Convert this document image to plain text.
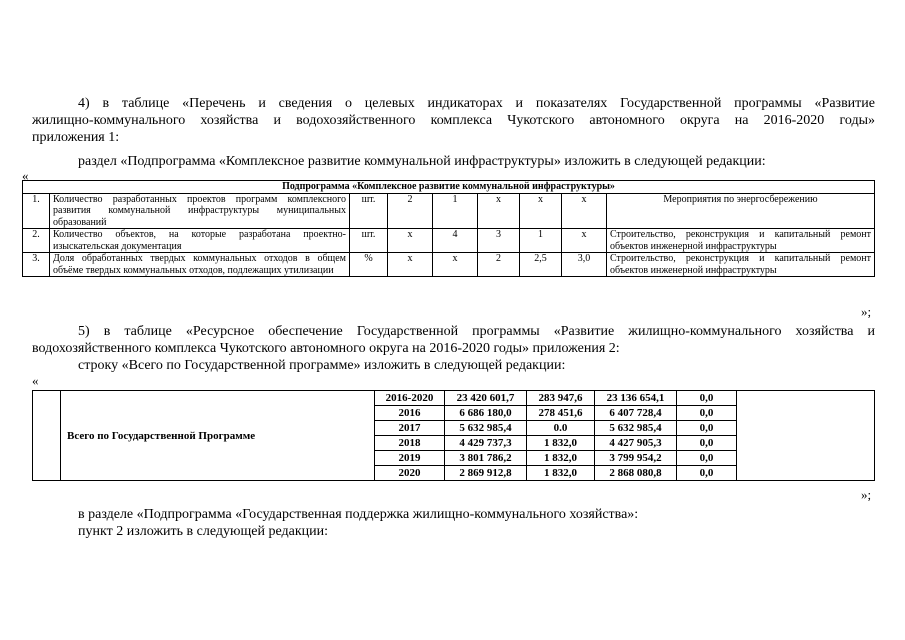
4) в таблице «Перечень и сведения о целевых индикаторах и показателях Государственной программы «Развитие
жилищно-коммунального хозяйства и водохозяйственного комплекса Чукотского автономного округа на 2016-2020 годы»
приложения 1:
раздел «Подпрограмма «Комплексное развитие коммунальной инфраструктуры» изложить в следующей редакции:
«
Подпрограмма «Комплексное развитие коммунальной инфраструктуры»								
1.	Количество разработанных проектов программ комплексного развития коммунальной инфраструктуры муниципальных образований	шт.	2	1	x	x	x	Мероприятия по энергосбережению
2.	Количество объектов, на которые разработана проектно-изыскательская документация	шт.	x	4	3	1	x	Строительство, реконструкция и капитальный ремонт объектов инженерной инфраструктуры
3.	Доля обработанных твердых коммунальных отходов в общем объёме твердых коммунальных отходов, подлежащих утилизации	%	x	x	2	2,5	3,0	Строительство, реконструкция и капитальный ремонт объектов инженерной инфраструктуры
»;
5) в таблице «Ресурсное обеспечение Государственной программы «Развитие жилищно-коммунального хозяйства и
водохозяйственного комплекса Чукотского автономного округа на 2016-2020 годы» приложения 2:
строку «Всего по Государственной программе» изложить в следующей редакции:
«
	Всего по Государственной Программе	2016-2020	23 420 601,7	283 947,6	23 136 654,1	0,0	
		2016	6 686 180,0	278 451,6	6 407 728,4	0,0	
		2017	5 632 985,4	0.0	5 632 985,4	0,0	
		2018	4 429 737,3	1 832,0	4 427 905,3	0,0	
		2019	3 801 786,2	1 832,0	3 799 954,2	0,0	
		2020	2 869 912,8	1 832,0	2 868 080,8	0,0	
»;
в разделе «Подпрограмма «Государственная поддержка жилищно-коммунального хозяйства»:
пункт 2 изложить в следующей редакции:
